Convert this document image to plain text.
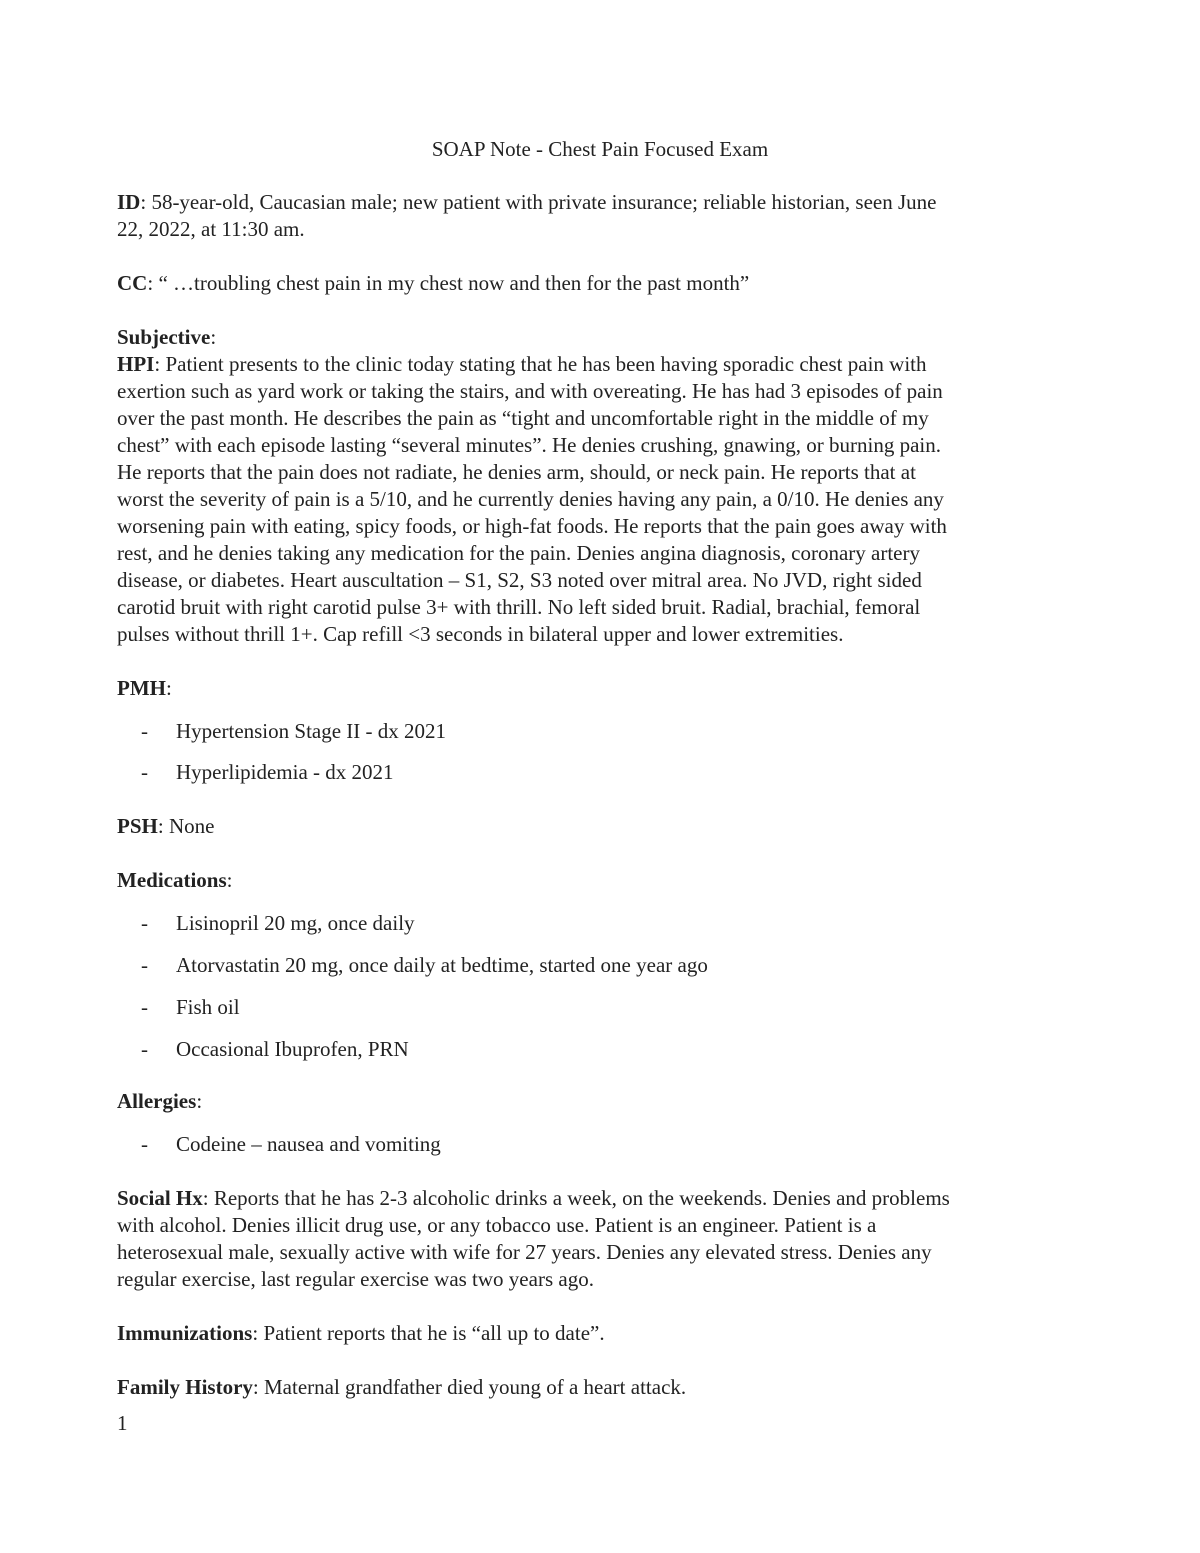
SOAP Note - Chest Pain Focused Exam
ID: 58-year-old, Caucasian male; new patient with private insurance; reliable historian, seen June
22, 2022, at 11:30 am.
CC: “ …troubling chest pain in my chest now and then for the past month”
Subjective:
HPI: Patient presents to the clinic today stating that he has been having sporadic chest pain with
exertion such as yard work or taking the stairs, and with overeating. He has had 3 episodes of pain
over the past month. He describes the pain as “tight and uncomfortable right in the middle of my
chest” with each episode lasting “several minutes”. He denies crushing, gnawing, or burning pain.
He reports that the pain does not radiate, he denies arm, should, or neck pain. He reports that at
worst the severity of pain is a 5/10, and he currently denies having any pain, a 0/10. He denies any
worsening pain with eating, spicy foods, or high-fat foods. He reports that the pain goes away with
rest, and he denies taking any medication for the pain. Denies angina diagnosis, coronary artery
disease, or diabetes. Heart auscultation – S1, S2, S3 noted over mitral area. No JVD, right sided
carotid bruit with right carotid pulse 3+ with thrill. No left sided bruit. Radial, brachial, femoral
pulses without thrill 1+. Cap refill <3 seconds in bilateral upper and lower extremities.
PMH:
- Hypertension Stage II - dx 2021
- Hyperlipidemia - dx 2021
PSH: None
Medications:
- Lisinopril 20 mg, once daily
- Atorvastatin 20 mg, once daily at bedtime, started one year ago
- Fish oil
- Occasional Ibuprofen, PRN
Allergies:
- Codeine – nausea and vomiting
Social Hx: Reports that he has 2-3 alcoholic drinks a week, on the weekends. Denies and problems
with alcohol. Denies illicit drug use, or any tobacco use. Patient is an engineer. Patient is a
heterosexual male, sexually active with wife for 27 years. Denies any elevated stress. Denies any
regular exercise, last regular exercise was two years ago.
Immunizations: Patient reports that he is “all up to date”.
Family History: Maternal grandfather died young of a heart attack.
1
